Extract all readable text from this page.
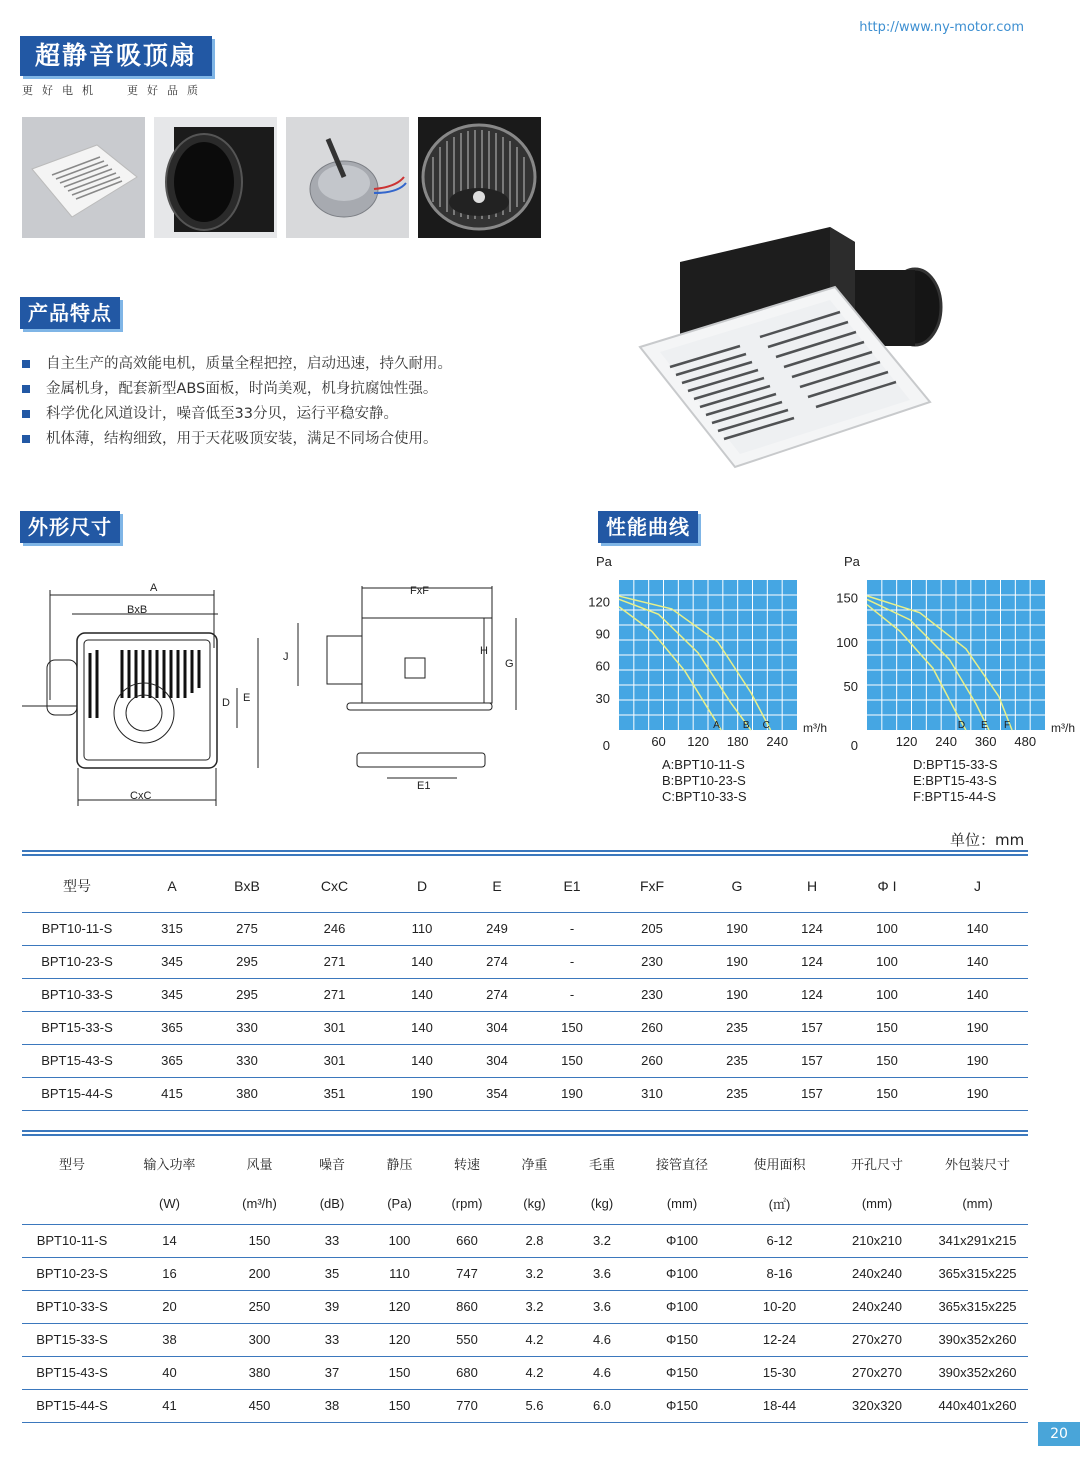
http://www.ny-motor.com
超静音吸顶扇
更好电机  更好品质
产品特点
自主生产的高效能电机，质量全程把控，启动迅速，持久耐用。
金属机身，配套新型ABS面板，时尚美观，机身抗腐蚀性强。
科学优化风道设计，噪音低至33分贝，运行平稳安静。
机体薄，结构细致，用于天花吸顶安装，满足不同场合使用。
外形尺寸	性能曲线
A
BxB
CxC
D E
FxF
J	H
G
E1
A B C
0
30
60
90
120
60 120 180 240
Pa
m³/h	D E F
0
50
100
150
120 240 360 480
Pa
m³/h
A:BPT10-11-S
B:BPT10-23-S
C:BPT10-33-S
D:BPT15-33-S
E:BPT15-43-S
F:BPT15-44-S
单位：mm
型号	A	BxB	CxC	D	E	E1	FxF	G	H	Φ I	J
BPT10-11-S	315	275	246	110	249	-	205	190	124	100	140
BPT10-23-S	345	295	271	140	274	-	230	190	124	100	140
BPT10-33-S	345	295	271	140	274	-	230	190	124	100	140
BPT15-33-S	365	330	301	140	304	150	260	235	157	150	190
BPT15-43-S	365	330	301	140	304	150	260	235	157	150	190
BPT15-44-S	415	380	351	190	354	190	310	235	157	150	190
型号	输入功率	风量	噪音	静压	转速	净重	毛重	接管直径	使用面积	开孔尺寸	外包装尺寸
	(W)	(m³/h)	(dB)	(Pa)	(rpm)	(kg)	(kg)	(mm)	(㎡)	(mm)	(mm)
BPT10-11-S	14	150	33	100	660	2.8	3.2	Φ100	6-12	210x210	341x291x215
BPT10-23-S	16	200	35	110	747	3.2	3.6	Φ100	8-16	240x240	365x315x225
BPT10-33-S	20	250	39	120	860	3.2	3.6	Φ100	10-20	240x240	365x315x225
BPT15-33-S	38	300	33	120	550	4.2	4.6	Φ150	12-24	270x270	390x352x260
BPT15-43-S	40	380	37	150	680	4.2	4.6	Φ150	15-30	270x270	390x352x260
BPT15-44-S	41	450	38	150	770	5.6	6.0	Φ150	18-44	320x320	440x401x260
20
